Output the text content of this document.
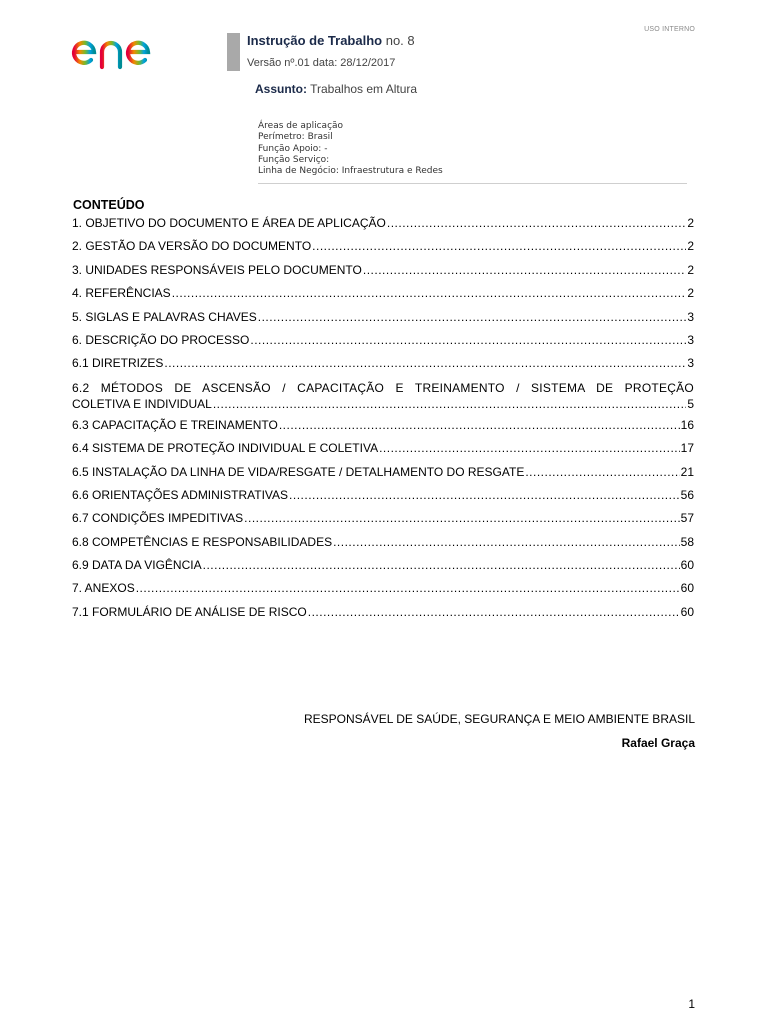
USO INTERNO
Instrução de Trabalho no. 8
Versão nº.01 data: 28/12/2017
Assunto: Trabalhos em Altura
Áreas de aplicação
Perímetro: Brasil
Função Apoio: -
Função Serviço:
Linha de Negócio: Infraestrutura e Redes
CONTEÚDO
1. OBJETIVO DO DOCUMENTO E ÁREA DE APLICAÇÃO .....	2
2. GESTÃO DA VERSÃO DO DOCUMENTO .....	2
3. UNIDADES RESPONSÁVEIS PELO DOCUMENTO .....	2
4. REFERÊNCIAS .....	2
5. SIGLAS E PALAVRAS CHAVES .....	3
6. DESCRIÇÃO DO PROCESSO .....	3
6.1 DIRETRIZES .....	3
6.2 MÉTODOS DE ASCENSÃO / CAPACITAÇÃO E TREINAMENTO / SISTEMA DE PROTEÇÃO
COLETIVA E INDIVIDUAL .....	5
6.3 CAPACITAÇÃO E TREINAMENTO .....	16
6.4 SISTEMA DE PROTEÇÃO INDIVIDUAL E COLETIVA .....	17
6.5 INSTALAÇÃO DA LINHA DE VIDA/RESGATE / DETALHAMENTO DO RESGATE .....	21
6.6 ORIENTAÇÕES ADMINISTRATIVAS .....	56
6.7 CONDIÇÕES IMPEDITIVAS .....	57
6.8 COMPETÊNCIAS E RESPONSABILIDADES .....	58
6.9 DATA DA VIGÊNCIA .....	60
7. ANEXOS .....	60
7.1 FORMULÁRIO DE ANÁLISE DE RISCO .....	60
RESPONSÁVEL DE SAÚDE, SEGURANÇA E MEIO AMBIENTE BRASIL
Rafael Graça
1
